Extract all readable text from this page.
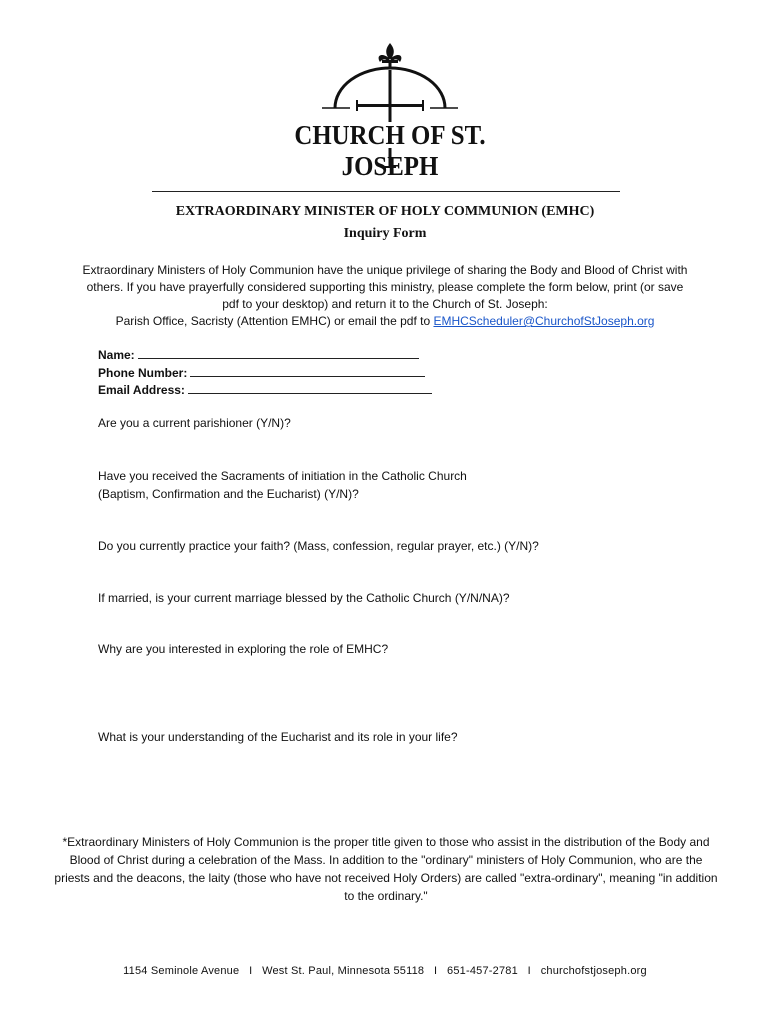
CHURCH OF ST. JOSEPH
EXTRAORDINARY MINISTER OF HOLY COMMUNION (EMHC)
Inquiry Form

Extraordinary Ministers of Holy Communion have the unique privilege of sharing the Body and Blood of Christ with

others. If you have prayerfully considered supporting this ministry, please complete the form below, print (or save

pdf to your desktop) and return it to the Church of St. Joseph:

Parish Office, Sacristy (Attention EMHC) or email the pdf to EMHCScheduler@ChurchofStJoseph.org

Name:
Phone Number:
Email Address:
Are you a current parishioner (Y/N)?
Have you received the Sacraments of initiation in the Catholic Church
(Baptism, Confirmation and the Eucharist) (Y/N)?
Do you currently practice your faith? (Mass, confession, regular prayer, etc.) (Y/N)?
If married, is your current marriage blessed by the Catholic Church (Y/N/NA)?
Why are you interested in exploring the role of EMHC?
What is your understanding of the Eucharist and its role in your life?
*Extraordinary Ministers of Holy Communion is the proper title given to those who assist in the distribution of the Body and
Blood of Christ during a celebration of the Mass. In addition to the "ordinary" ministers of Holy Communion, who are the
priests and the deacons, the laity (those who have not received Holy Orders) are called "extra-ordinary", meaning "in addition
to the ordinary."
1154 Seminole Avenue   I   West St. Paul, Minnesota 55118   I   651-457-2781   I   churchofstjoseph.org
